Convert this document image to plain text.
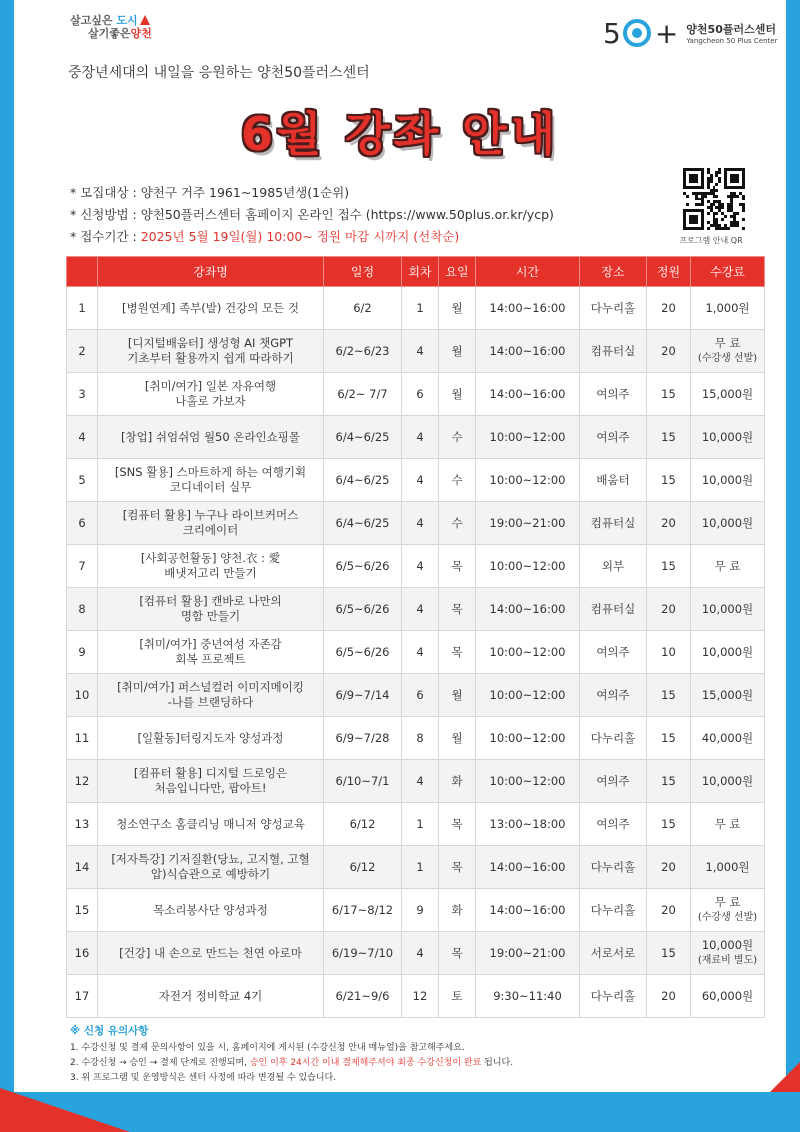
살고싶은 도시
살기좋은양천	5 + 양천50플러스센터
Yangcheon 50 Plus Center
중장년세대의 내일을 응원하는 양천50플러스센터
6월 강좌 안내
* 모집대상 : 양천구 거주 1961~1985년생(1순위)
* 신청방법 : 양천50플러스센터 홈페이지 온라인 접수 (https://www.50plus.or.kr/ycp)
* 접수기간 : 2025년 5월 19일(월) 10:00~ 정원 마감 시까지 (선착순)	프로그램 안내 QR
	강좌명	일정	회차	요일	시간	장소	정원	수강료
1	[병원연계] 족부(발) 건강의 모든 것	6/2	1	월	14:00~16:00	다누리홀	20	1,000원
2	[디지털배움터] 생성형 AI 챗GPT
기초부터 활용까지 쉽게 따라하기	6/2~6/23	4	월	14:00~16:00	컴퓨터실	20	무 료
(수강생 선발)

3	[취미/여가] 일본 자유여행
나홀로 가보자	6/2~ 7/7	6	월	14:00~16:00	여의주	15	15,000원
4	[창업] 쉬엄쉬엄 월50 온라인쇼핑몰	6/4~6/25	4	수	10:00~12:00	여의주	15	10,000원
5	[SNS 활용] 스마트하게 하는 여행기획
코디네이터 실무	6/4~6/25	4	수	10:00~12:00	배움터	15	10,000원
6	[컴퓨터 활용] 누구나 라이브커머스
크리에이터	6/4~6/25	4	수	19:00~21:00	컴퓨터실	20	10,000원
7	[사회공헌활동] 양천.衣 : 愛
배냇저고리 만들기	6/5~6/26	4	목	10:00~12:00	외부	15	무 료
8	[컴퓨터 활용] 캔바로 나만의
명함 만들기	6/5~6/26	4	목	14:00~16:00	컴퓨터실	20	10,000원
9	[취미/여가] 중년여성 자존감
회복 프로젝트	6/5~6/26	4	목	10:00~12:00	여의주	10	10,000원
10	[취미/여가] 퍼스널컬러 이미지메이킹
-나를 브랜딩하다	6/9~7/14	6	월	10:00~12:00	여의주	15	15,000원
11	[일활동]터링지도자 양성과정	6/9~7/28	8	월	10:00~12:00	다누리홀	15	40,000원
12	[컴퓨터 활용] 디지털 드로잉은
처음입니다만, 팝아트!	6/10~7/1	4	화	10:00~12:00	여의주	15	10,000원
13	청소연구소 홈클리닝 매니저 양성교육	6/12	1	목	13:00~18:00	여의주	15	무 료
14	[저자특강] 기저질환(당뇨, 고지혈, 고혈
압)식습관으로 예방하기	6/12	1	목	14:00~16:00	다누리홀	20	1,000원
15	목소리봉사단 양성과정	6/17~8/12	9	화	14:00~16:00	다누리홀	20	무 료
(수강생 선발)

16	[건강] 내 손으로 만드는 천연 아로마	6/19~7/10	4	목	19:00~21:00	서로서로	15	10,000원
(재료비 별도)

17	자전거 정비학교 4기	6/21~9/6	12	토	9:30~11:40	다누리홀	20	60,000원
※ 신청 유의사항
1. 수강신청 및 결제 문의사항이 있을 시, 홈페이지에 게시된 (수강신청 안내 매뉴얼)을 참고해주세요.
2. 수강신청 → 승인 → 결제 단계로 진행되며, 승인 이후 24시간 이내 결제해주셔야 최종 수강신청이 완료 됩니다.
3. 위 프로그램 및 운영방식은 센터 사정에 따라 변경될 수 있습니다.
